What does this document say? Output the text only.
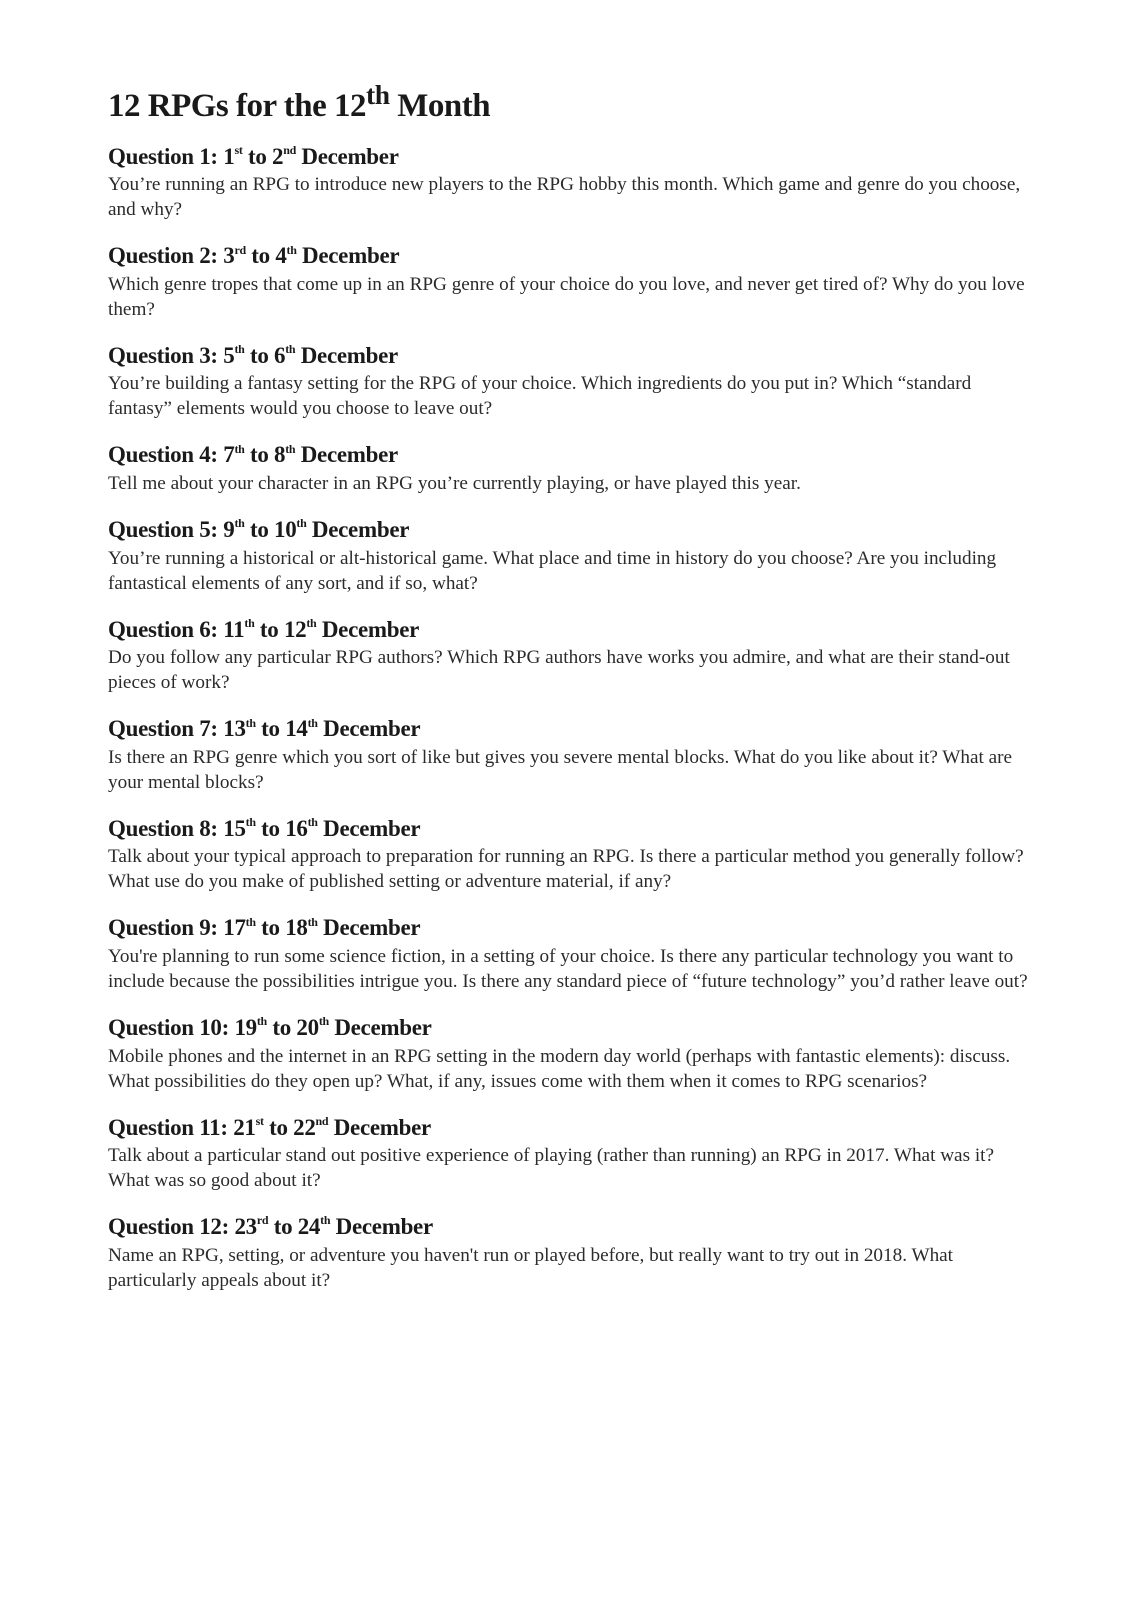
12 RPGs for the 12th Month
Question 1: 1st to 2nd December

You’re running an RPG to introduce new players to the RPG hobby this month. Which game and genre do you choose, and why?

Question 2: 3rd to 4th December

Which genre tropes that come up in an RPG genre of your choice do you love, and never get tired of? Why do you love them?

Question 3: 5th to 6th December

You’re building a fantasy setting for the RPG of your choice. Which ingredients do you put in? Which “standard fantasy” elements would you choose to leave out?

Question 4: 7th to 8th December

Tell me about your character in an RPG you’re currently playing, or have played this year.

Question 5: 9th to 10th December

You’re running a historical or alt-historical game. What place and time in history do you choose? Are you including fantastical elements of any sort, and if so, what?

Question 6: 11th to 12th December

Do you follow any particular RPG authors? Which RPG authors have works you admire, and what are their stand-out pieces of work?

Question 7: 13th to 14th December

Is there an RPG genre which you sort of like but gives you severe mental blocks. What do you like about it? What are your mental blocks?

Question 8: 15th to 16th December

Talk about your typical approach to preparation for running an RPG. Is there a particular method you generally follow? What use do you make of published setting or adventure material, if any?

Question 9: 17th to 18th December

You're planning to run some science fiction, in a setting of your choice. Is there any particular technology you want to include because the possibilities intrigue you. Is there any standard piece of “future technology” you’d rather leave out?

Question 10: 19th to 20th December

Mobile phones and the internet in an RPG setting in the modern day world (perhaps with fantastic elements): discuss. What possibilities do they open up? What, if any, issues come with them when it comes to RPG scenarios?

Question 11: 21st to 22nd December

Talk about a particular stand out positive experience of playing (rather than running) an RPG in 2017. What was it? What was so good about it?

Question 12: 23rd to 24th December

Name an RPG, setting, or adventure you haven't run or played before, but really want to try out in 2018. What particularly appeals about it?
